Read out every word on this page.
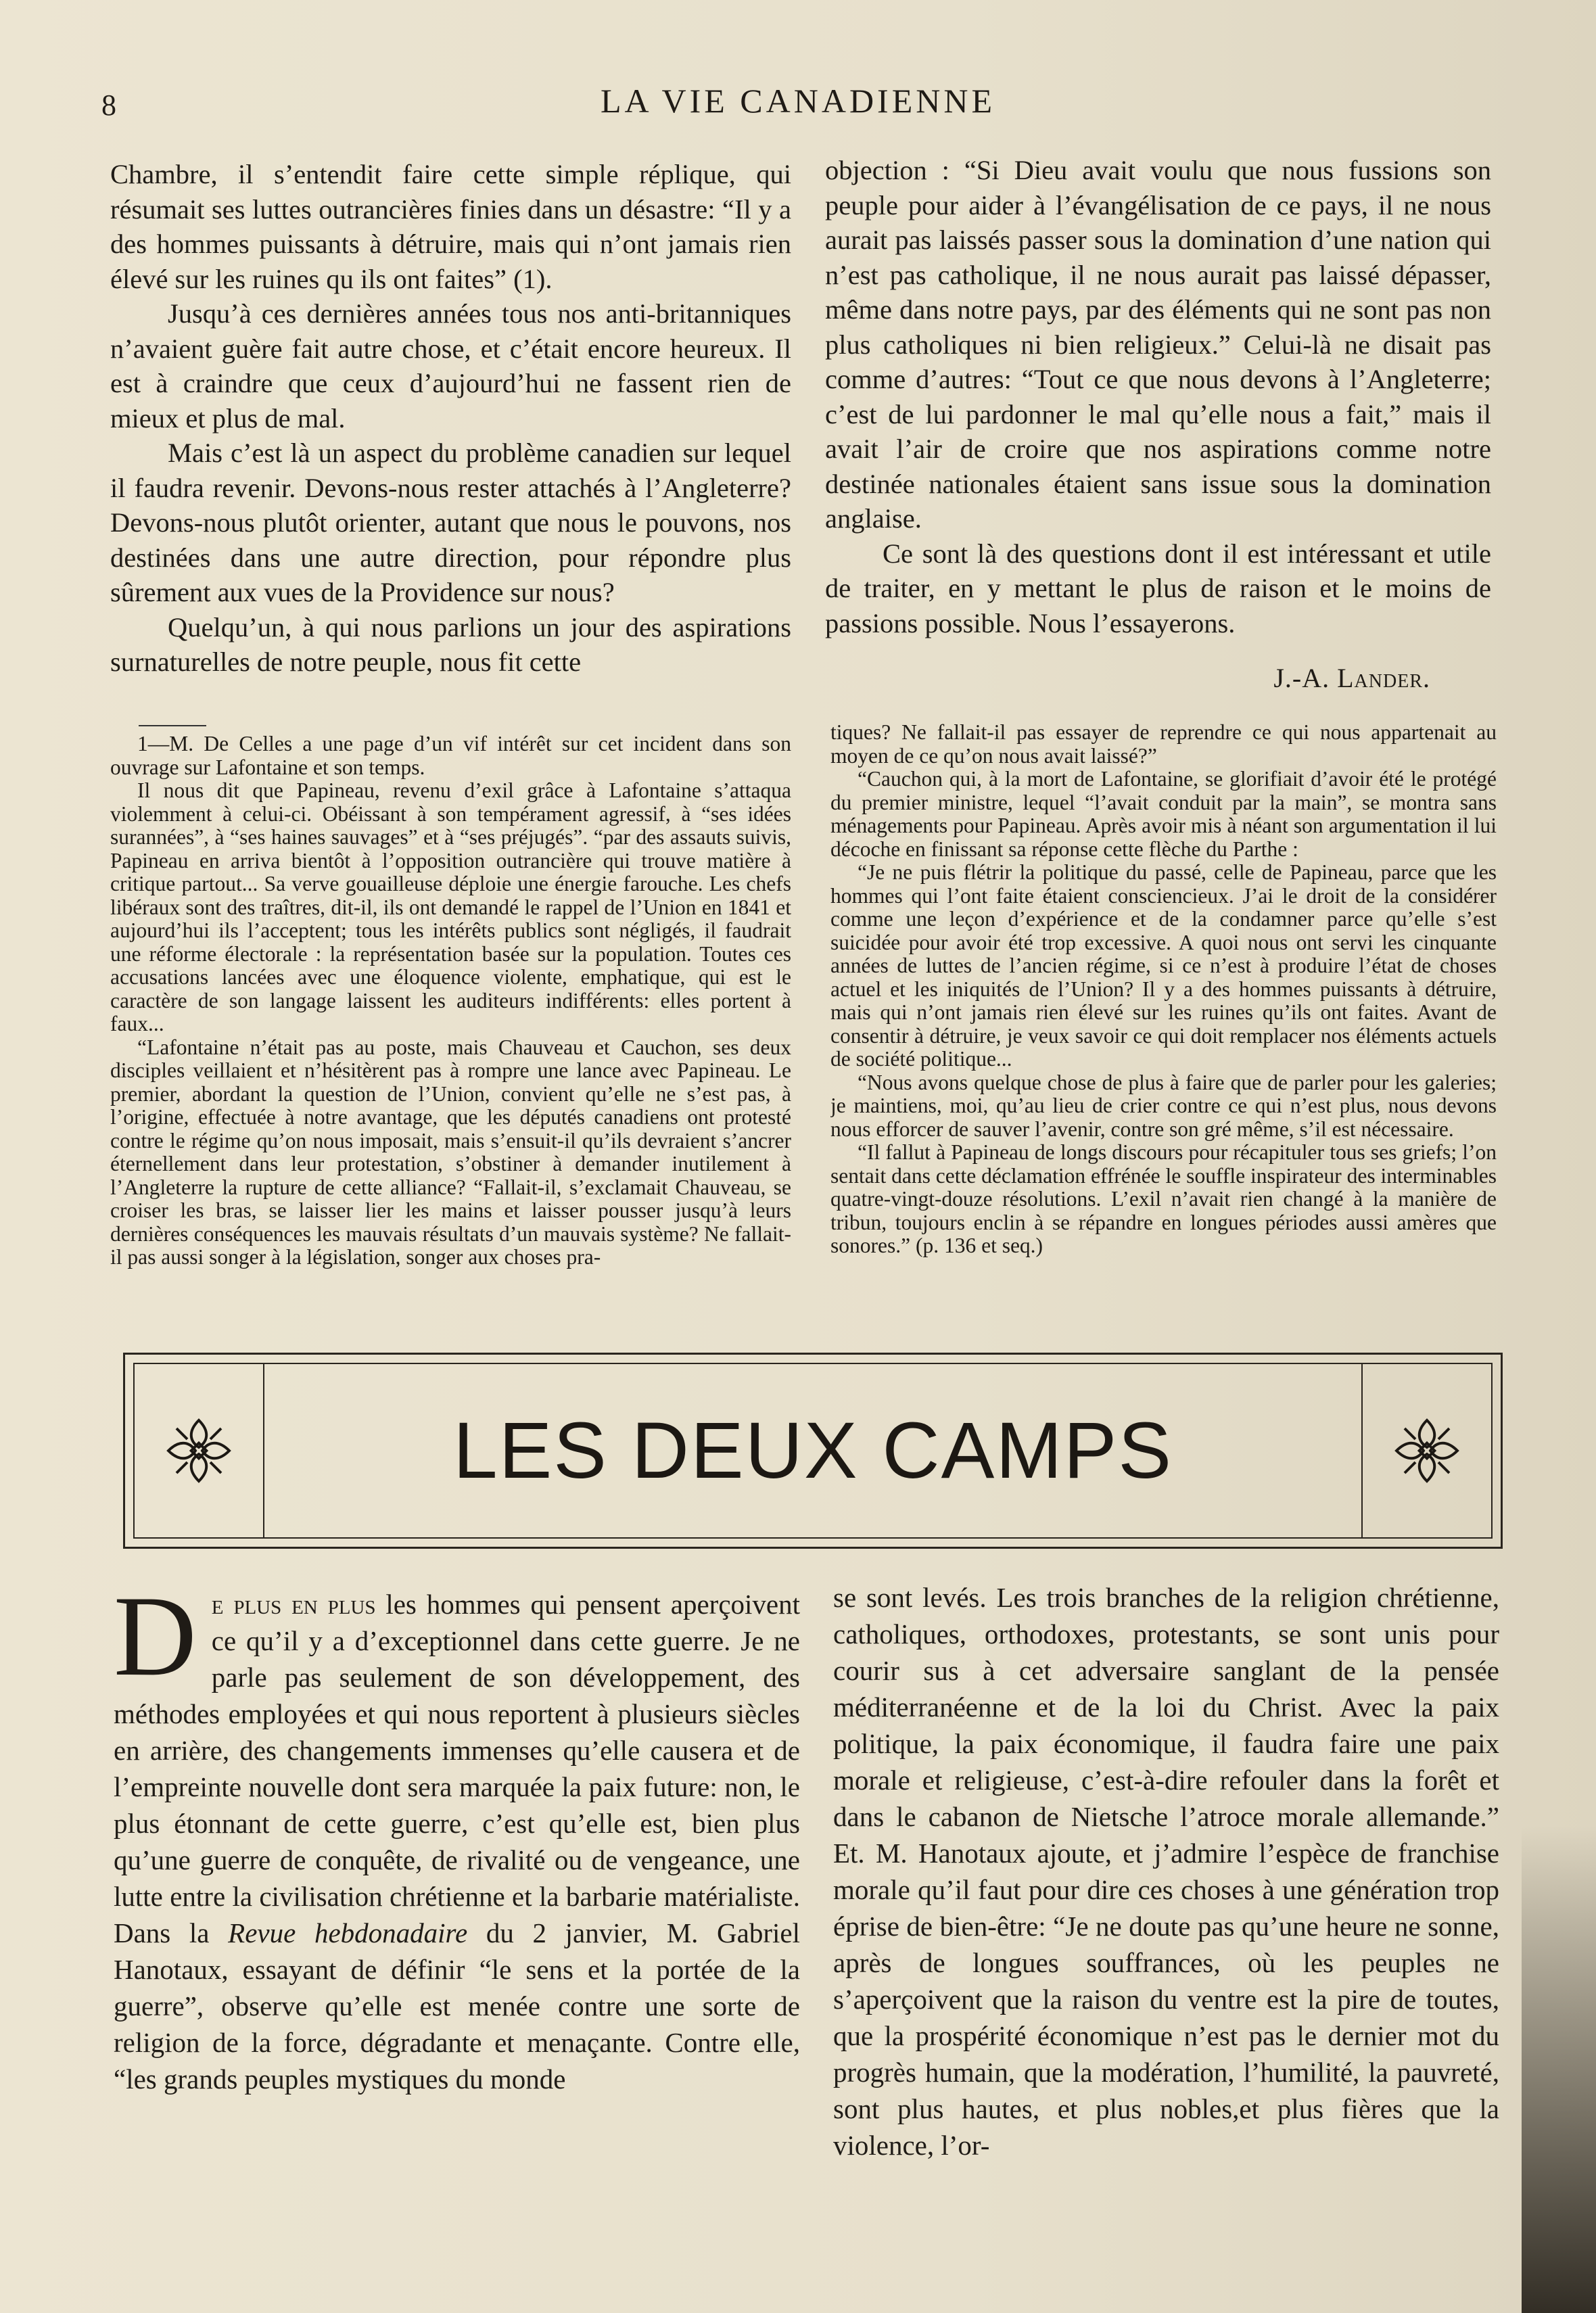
8	LA VIE CANADIENNE

Chambre, il s’entendit faire cette simple réplique, qui résumait ses luttes outrancières finies dans un désastre: “Il y a des hommes puissants à détruire, mais qui n’ont jamais rien élevé sur les ruines qu ils ont faites” (1).

Jusqu’à ces dernières années tous nos anti-britanniques n’avaient guère fait autre chose, et c’était encore heureux. Il est à craindre que ceux d’aujourd’hui ne fassent rien de mieux et plus de mal.

Mais c’est là un aspect du problème canadien sur lequel il faudra revenir. Devons-nous rester attachés à l’Angleterre? Devons-nous plutôt orienter, autant que nous le pouvons, nos destinées dans une autre direction, pour répondre plus sûrement aux vues de la Providence sur nous?

Quelqu’un, à qui nous parlions un jour des aspirations surnaturelles de notre peuple, nous fit cette

objection : “Si Dieu avait voulu que nous fussions son peuple pour aider à l’évangélisation de ce pays, il ne nous aurait pas laissés passer sous la domination d’une nation qui n’est pas catholique, il ne nous aurait pas laissé dépasser, même dans notre pays, par des éléments qui ne sont pas non plus catholiques ni bien religieux.” Celui-là ne disait pas comme d’autres: “Tout ce que nous devons à l’Angleterre; c’est de lui pardonner le mal qu’elle nous a fait,” mais il avait l’air de croire que nos aspirations comme notre destinée nationales étaient sans issue sous la domination anglaise.

Ce sont là des questions dont il est intéressant et utile de traiter, en y mettant le plus de raison et le moins de passions possible. Nous l’essayerons.

J.-A. Lander.

1—M. De Celles a une page d’un vif intérêt sur cet incident dans son ouvrage sur Lafontaine et son temps.

Il nous dit que Papineau, revenu d’exil grâce à Lafontaine s’attaqua violemment à celui-ci. Obéissant à son tempérament agressif, à “ses idées surannées”, à “ses haines sauvages” et à “ses préjugés”. “par des assauts suivis, Papineau en arriva bientôt à l’opposition outrancière qui trouve matière à critique partout... Sa verve gouailleuse déploie une énergie farouche. Les chefs libéraux sont des traîtres, dit-il, ils ont demandé le rappel de l’Union en 1841 et aujourd’hui ils l’acceptent; tous les intérêts publics sont négligés, il faudrait une réforme électorale : la représentation basée sur la population. Toutes ces accusations lancées avec une éloquence violente, emphatique, qui est le caractère de son langage laissent les auditeurs indifférents: elles portent à faux...

“Lafontaine n’était pas au poste, mais Chauveau et Cauchon, ses deux disciples veillaient et n’hésitèrent pas à rompre une lance avec Papineau. Le premier, abordant la question de l’Union, convient qu’elle ne s’est pas, à l’origine, effectuée à notre avantage, que les députés canadiens ont protesté contre le régime qu’on nous imposait, mais s’ensuit-il qu’ils devraient s’ancrer éternellement dans leur protestation, s’obstiner à demander inutilement à l’Angleterre la rupture de cette alliance? “Fallait-il, s’exclamait Chauveau, se croiser les bras, se laisser lier les mains et laisser pousser jusqu’à leurs dernières conséquences les mauvais résultats d’un mauvais système? Ne fallait-il pas aussi songer à la législation, songer aux choses pra-

tiques? Ne fallait-il pas essayer de reprendre ce qui nous appartenait au moyen de ce qu’on nous avait laissé?”

“Cauchon qui, à la mort de Lafontaine, se glorifiait d’avoir été le protégé du premier ministre, lequel “l’avait conduit par la main”, se montra sans ménagements pour Papineau. Après avoir mis à néant son argumentation il lui décoche en finissant sa réponse cette flèche du Parthe :

“Je ne puis flétrir la politique du passé, celle de Papineau, parce que les hommes qui l’ont faite étaient consciencieux. J’ai le droit de la considérer comme une leçon d’expérience et de la condamner parce qu’elle s’est suicidée pour avoir été trop excessive. A quoi nous ont servi les cinquante années de luttes de l’ancien régime, si ce n’est à produire l’état de choses actuel et les iniquités de l’Union? Il y a des hommes puissants à détruire, mais qui n’ont jamais rien élevé sur les ruines qu’ils ont faites. Avant de consentir à détruire, je veux savoir ce qui doit remplacer nos éléments actuels de société politique...

“Nous avons quelque chose de plus à faire que de parler pour les galeries; je maintiens, moi, qu’au lieu de crier contre ce qui n’est plus, nous devons nous efforcer de sauver l’avenir, contre son gré même, s’il est nécessaire.

“Il fallut à Papineau de longs discours pour récapituler tous ses griefs; l’on sentait dans cette déclamation effrénée le souffle inspirateur des interminables quatre-vingt-douze résolutions. L’exil n’avait rien changé à la manière de tribun, toujours enclin à se répandre en longues périodes aussi amères que sonores.” (p. 136 et seq.)

LES DEUX CAMPS

De plus en plus les hommes qui pensent aperçoivent ce qu’il y a d’exceptionnel dans cette guerre. Je ne parle pas seulement de son développement, des méthodes employées et qui nous reportent à plusieurs siècles en arrière, des changements immenses qu’elle causera et de l’empreinte nouvelle dont sera marquée la paix future: non, le plus étonnant de cette guerre, c’est qu’elle est, bien plus qu’une guerre de conquête, de rivalité ou de vengeance, une lutte entre la civilisation chrétienne et la barbarie matérialiste. Dans la Revue hebdonadaire du 2 janvier, M. Gabriel Hanotaux, essayant de définir “le sens et la portée de la guerre”, observe qu’elle est menée contre une sorte de religion de la force, dégradante et menaçante. Contre elle, “les grands peuples mystiques du monde

se sont levés. Les trois branches de la religion chrétienne, catholiques, orthodoxes, protestants, se sont unis pour courir sus à cet adversaire sanglant de la pensée méditerranéenne et de la loi du Christ. Avec la paix politique, la paix économique, il faudra faire une paix morale et religieuse, c’est-à-dire refouler dans la forêt et dans le cabanon de Nietsche l’atroce morale allemande.” Et. M. Hanotaux ajoute, et j’admire l’espèce de franchise morale qu’il faut pour dire ces choses à une génération trop éprise de bien-être: “Je ne doute pas qu’une heure ne sonne, après de longues souffrances, où les peuples ne s’aperçoivent que la raison du ventre est la pire de toutes, que la prospérité économique n’est pas le dernier mot du progrès humain, que la modération, l’humilité, la pauvreté, sont plus hautes, et plus nobles,et plus fières que la violence, l’or-
